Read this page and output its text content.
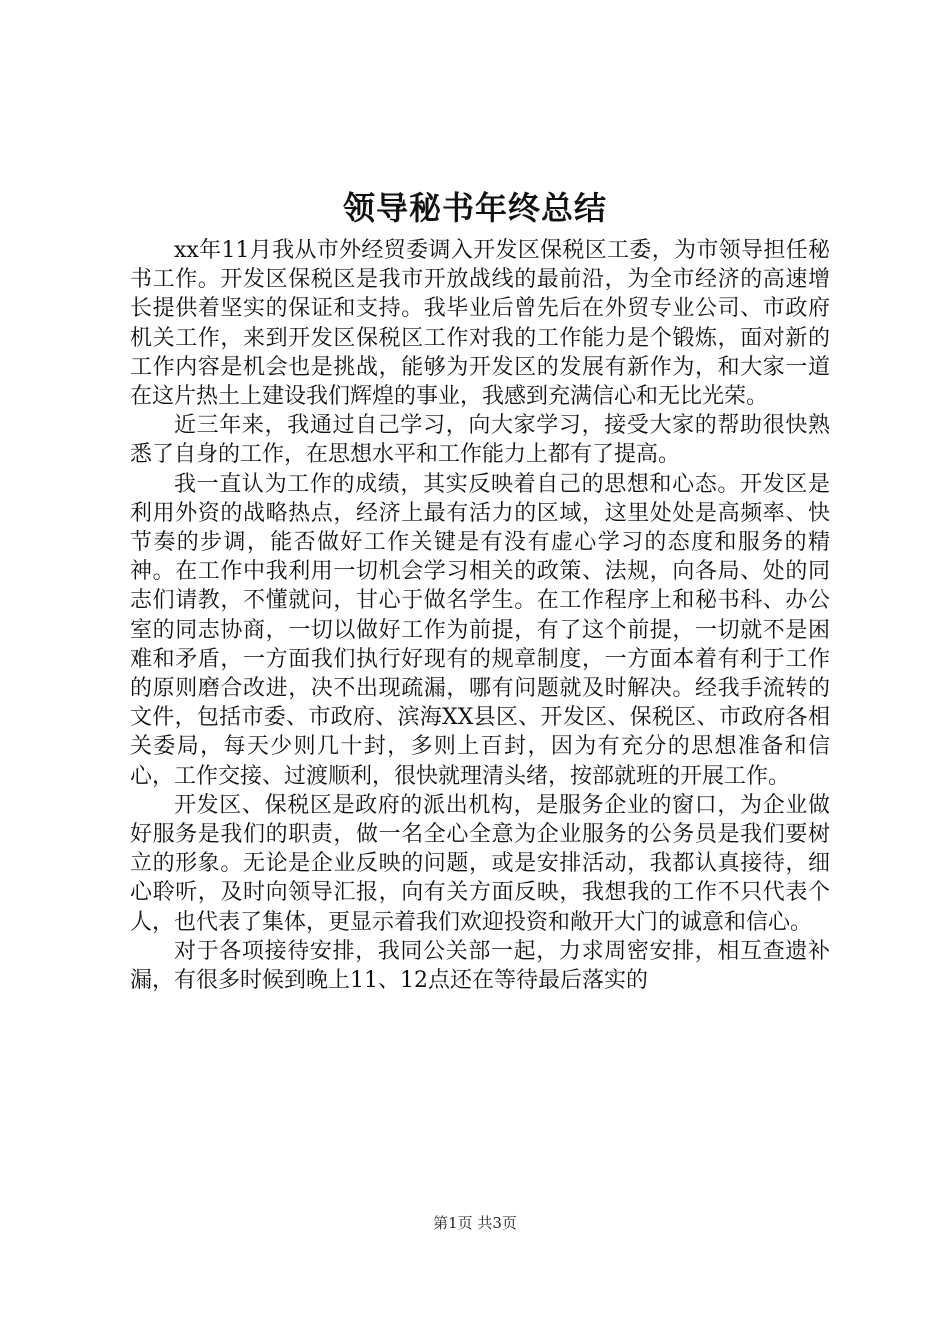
领导秘书年终总结

xx年11月我从市外经贸委调入开发区保税区工委，为市领导担任秘书工作。开发区保税区是我市开放战线的最前沿，为全市经济的高速增长提供着坚实的保证和支持。我毕业后曾先后在外贸专业公司、市政府机关工作，来到开发区保税区工作对我的工作能力是个锻炼，面对新的工作内容是机会也是挑战，能够为开发区的发展有新作为，和大家一道在这片热土上建设我们辉煌的事业，我感到充满信心和无比光荣。

近三年来，我通过自己学习，向大家学习，接受大家的帮助很快熟悉了自身的工作，在思想水平和工作能力上都有了提高。

我一直认为工作的成绩，其实反映着自己的思想和心态。开发区是利用外资的战略热点，经济上最有活力的区域，这里处处是高频率、快节奏的步调，能否做好工作关键是有没有虚心学习的态度和服务的精神。在工作中我利用一切机会学习相关的政策、法规，向各局、处的同志们请教，不懂就问，甘心于做名学生。在工作程序上和秘书科、办公室的同志协商，一切以做好工作为前提，有了这个前提，一切就不是困难和矛盾，一方面我们执行好现有的规章制度，一方面本着有利于工作的原则磨合改进，决不出现疏漏，哪有问题就及时解决。经我手流转的文件，包括市委、市政府、滨海XX县区、开发区、保税区、市政府各相关委局，每天少则几十封，多则上百封，因为有充分的思想准备和信心，工作交接、过渡顺利，很快就理清头绪，按部就班的开展工作。

开发区、保税区是政府的派出机构，是服务企业的窗口，为企业做好服务是我们的职责，做一名全心全意为企业服务的公务员是我们要树立的形象。无论是企业反映的问题，或是安排活动，我都认真接待，细心聆听，及时向领导汇报，向有关方面反映，我想我的工作不只代表个人，也代表了集体，更显示着我们欢迎投资和敞开大门的诚意和信心。

对于各项接待安排，我同公关部一起，力求周密安排，相互查遗补漏，有很多时候到晚上11、12点还在等待最后落实的

第1页 共3页
